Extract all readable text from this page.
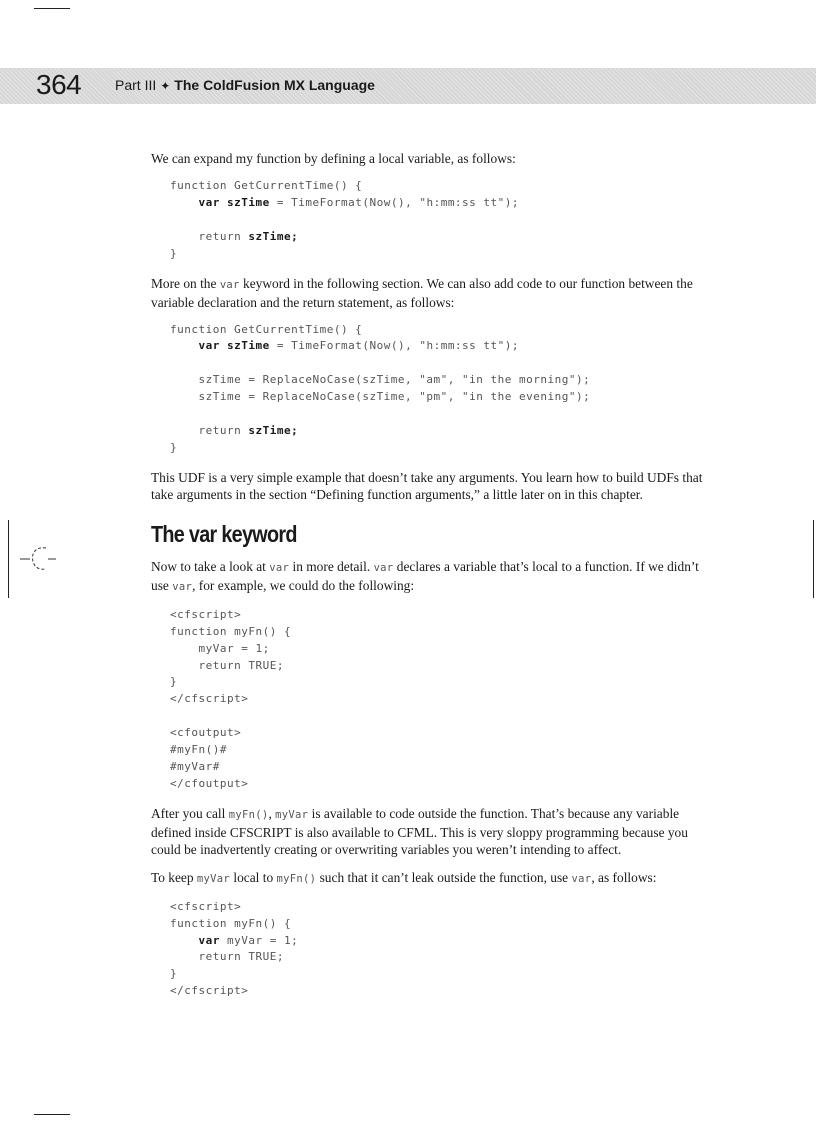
364 Part III ✦ The ColdFusion MX Language

We can expand my function by defining a local variable, as follows:

function GetCurrentTime() {
var szTime = TimeFormat(Now(), "h:mm:ss tt");

return szTime;
}

More on the var keyword in the following section. We can also add code to our function between the variable declaration and the return statement, as follows:

function GetCurrentTime() {
var szTime = TimeFormat(Now(), "h:mm:ss tt");

szTime = ReplaceNoCase(szTime, "am", "in the morning");
szTime = ReplaceNoCase(szTime, "pm", "in the evening");

return szTime;
}

This UDF is a very simple example that doesn’t take any arguments. You learn how to build UDFs that take arguments in the section “Defining function arguments,” a little later on in this chapter.

The var keyword

Now to take a look at var in more detail. var declares a variable that’s local to a function. If we didn’t use var, for example, we could do the following:

<cfscript>
function myFn() {
myVar = 1;
return TRUE;
}
</cfscript>

<cfoutput>
#myFn()#
#myVar#
</cfoutput>

After you call myFn(), myVar is available to code outside the function. That’s because any variable defined inside CFSCRIPT is also available to CFML. This is very sloppy programming because you could be inadvertently creating or overwriting variables you weren’t intending to affect.

To keep myVar local to myFn() such that it can’t leak outside the function, use var, as follows:

<cfscript>
function myFn() {
var myVar = 1;
return TRUE;
}
</cfscript>
